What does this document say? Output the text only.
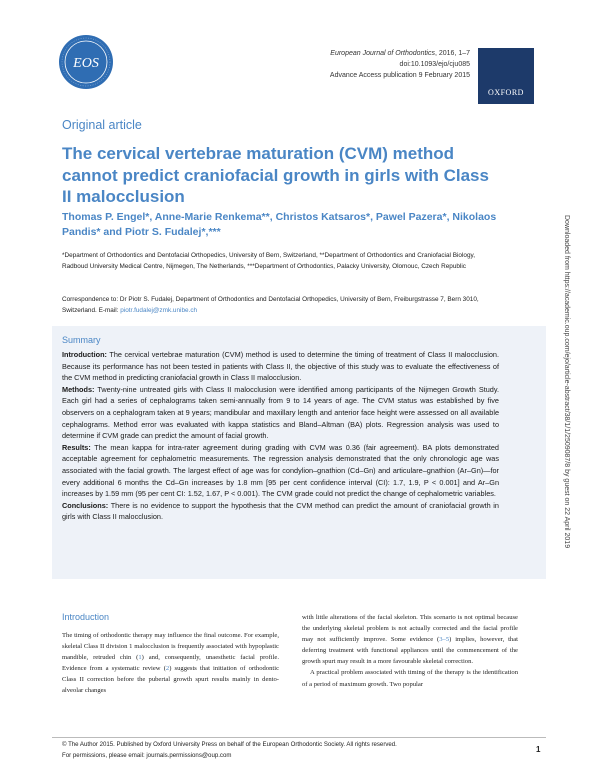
EOS
European Journal of Orthodontics, 2016, 1–7
doi:10.1093/ejo/cju085
Advance Access publication 9 February 2015
OXFORD
Original article
The cervical vertebrae maturation (CVM) method cannot predict craniofacial growth in girls with Class II malocclusion
Thomas P. Engel*, Anne-Marie Renkema**, Christos Katsaros*, Pawel Pazera*, Nikolaos Pandis* and Piotr S. Fudalej*,***
*Department of Orthodontics and Dentofacial Orthopedics, University of Bern, Switzerland, **Department of Orthodontics and Craniofacial Biology, Radboud University Medical Centre, Nijmegen, The Netherlands, ***Department of Orthodontics, Palacky University, Olomouc, Czech Republic
Correspondence to: Dr Piotr S. Fudalej, Department of Orthodontics and Dentofacial Orthopedics, University of Bern, Freiburgstrasse 7, Bern 3010, Switzerland. E-mail: piotr.fudalej@zmk.unibe.ch
Summary

Introduction: The cervical vertebrae maturation (CVM) method is used to determine the timing of treatment of Class II malocclusion. Because its performance has not been tested in patients with Class II, the objective of this study was to evaluate the effectiveness of the CVM method in predicting craniofacial growth in Class II malocclusion.

Methods: Twenty-nine untreated girls with Class II malocclusion were identified among participants of the Nijmegen Growth Study. Each girl had a series of cephalograms taken semi-annually from 9 to 14 years of age. The CVM status was established by five observers on a cephalogram taken at 9 years; mandibular and maxillary length and anterior face height were assessed on all available cephalograms. Method error was evaluated with kappa statistics and Bland–Altman (BA) plots. Regression analysis was used to determine if CVM grade can predict the amount of facial growth.

Results: The mean kappa for intra-rater agreement during grading with CVM was 0.36 (fair agreement). BA plots demonstrated acceptable agreement for cephalometric measurements. The regression analysis demonstrated that the only chronologic age was associated with the facial growth. The largest effect of age was for condylion–gnathion (Cd–Gn) and articulare–gnathion (Ar–Gn)—for every additional 6 months the Cd–Gn increases by 1.8 mm [95 per cent confidence interval (CI): 1.7, 1.9, P < 0.001] and Ar–Gn increases by 1.59 mm (95 per cent CI: 1.52, 1.67, P < 0.001). The CVM grade could not predict the change of cephalometric variables.

Conclusions: There is no evidence to support the hypothesis that the CVM method can predict the amount of craniofacial growth in girls with Class II malocclusion.	Downloaded from https://academic.oup.com/ejo/article-abstract/38/1/1/2509087/8 by guest on 22 April 2019
Introduction

The timing of orthodontic therapy may influence the final outcome. For example, skeletal Class II division 1 malocclusion is frequently associated with hypoplastic mandible, retruded chin (1) and, consequently, unaesthetic facial profile. Evidence from a systematic review (2) suggests that initiation of orthodontic Class II correction before the pubertal growth spurt results mainly in dento-alveolar changes

with little alterations of the facial skeleton. This scenario is not optimal because the underlying skeletal problem is not actually corrected and the facial profile may not sufficiently improve. Some evidence (3–5) implies, however, that deferring treatment with functional appliances until the commencement of the growth spurt may result in a more favourable skeletal correction.

A practical problem associated with timing of the therapy is the identification of a period of maximum growth. Two popular

© The Author 2015. Published by Oxford University Press on behalf of the European Orthodontic Society. All rights reserved.
For permissions, please email: journals.permissions@oup.com
1
